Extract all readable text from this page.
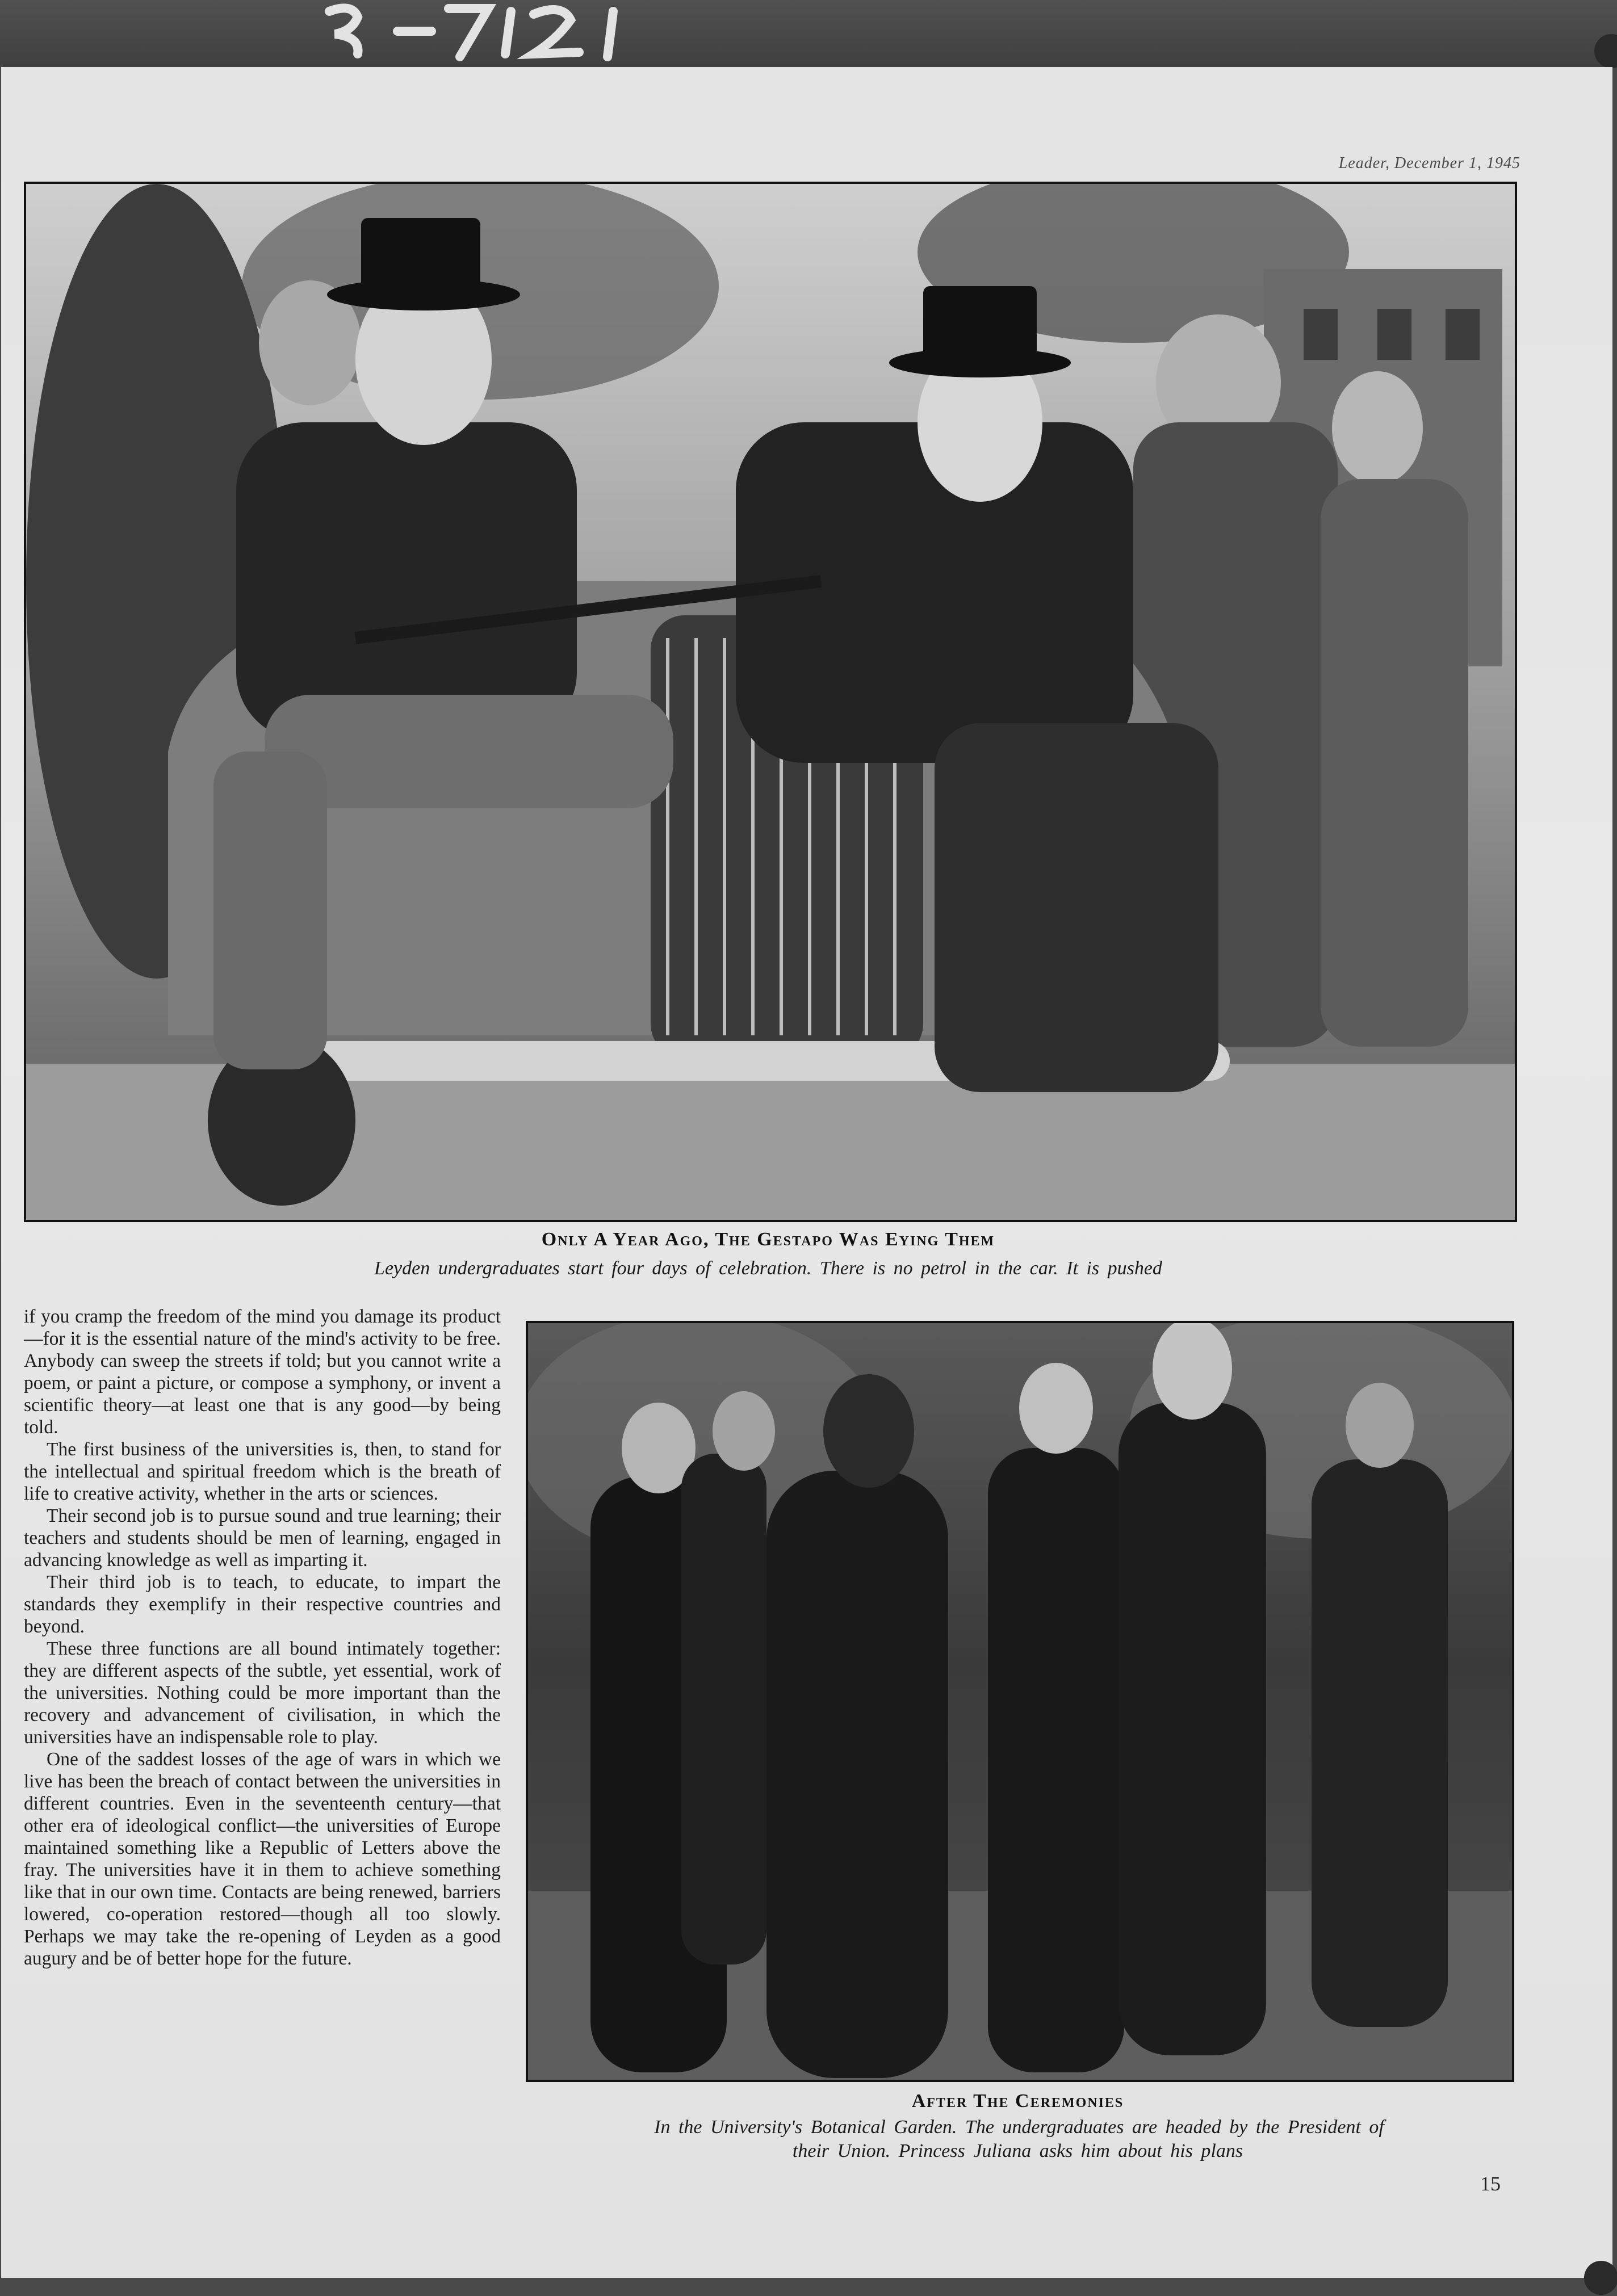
Leader, December 1, 1945
Only A Year Ago, The Gestapo Was Eying Them
Leyden undergraduates start four days of celebration. There is no petrol in the car. It is pushed

if you cramp the freedom of the mind you damage its product—for it is the essential nature of the mind's activity to be free. Anybody can sweep the streets if told; but you cannot write a poem, or paint a picture, or compose a symphony, or invent a scientific theory—at least one that is any good—by being told.

The first business of the universities is, then, to stand for the intellectual and spiritual freedom which is the breath of life to creative activity, whether in the arts or sciences.

Their second job is to pursue sound and true learning; their teachers and students should be men of learning, engaged in advancing knowledge as well as imparting it.

Their third job is to teach, to educate, to impart the standards they exemplify in their respective countries and beyond.

These three functions are all bound intimately together: they are different aspects of the subtle, yet essential, work of the universities. Nothing could be more important than the recovery and advancement of civilisation, in which the universities have an indispensable role to play.

One of the saddest losses of the age of wars in which we live has been the breach of contact between the universities in different countries. Even in the seventeenth century—that other era of ideological conflict—the universities of Europe maintained something like a Republic of Letters above the fray. The universities have it in them to achieve something like that in our own time. Contacts are being renewed, barriers lowered, co-operation restored—though all too slowly. Perhaps we may take the re-opening of Leyden as a good augury and be of better hope for the future.

After The Ceremonies
In the University's Botanical Garden. The undergraduates are headed by the President of
their Union. Princess Juliana asks him about his plans
15
